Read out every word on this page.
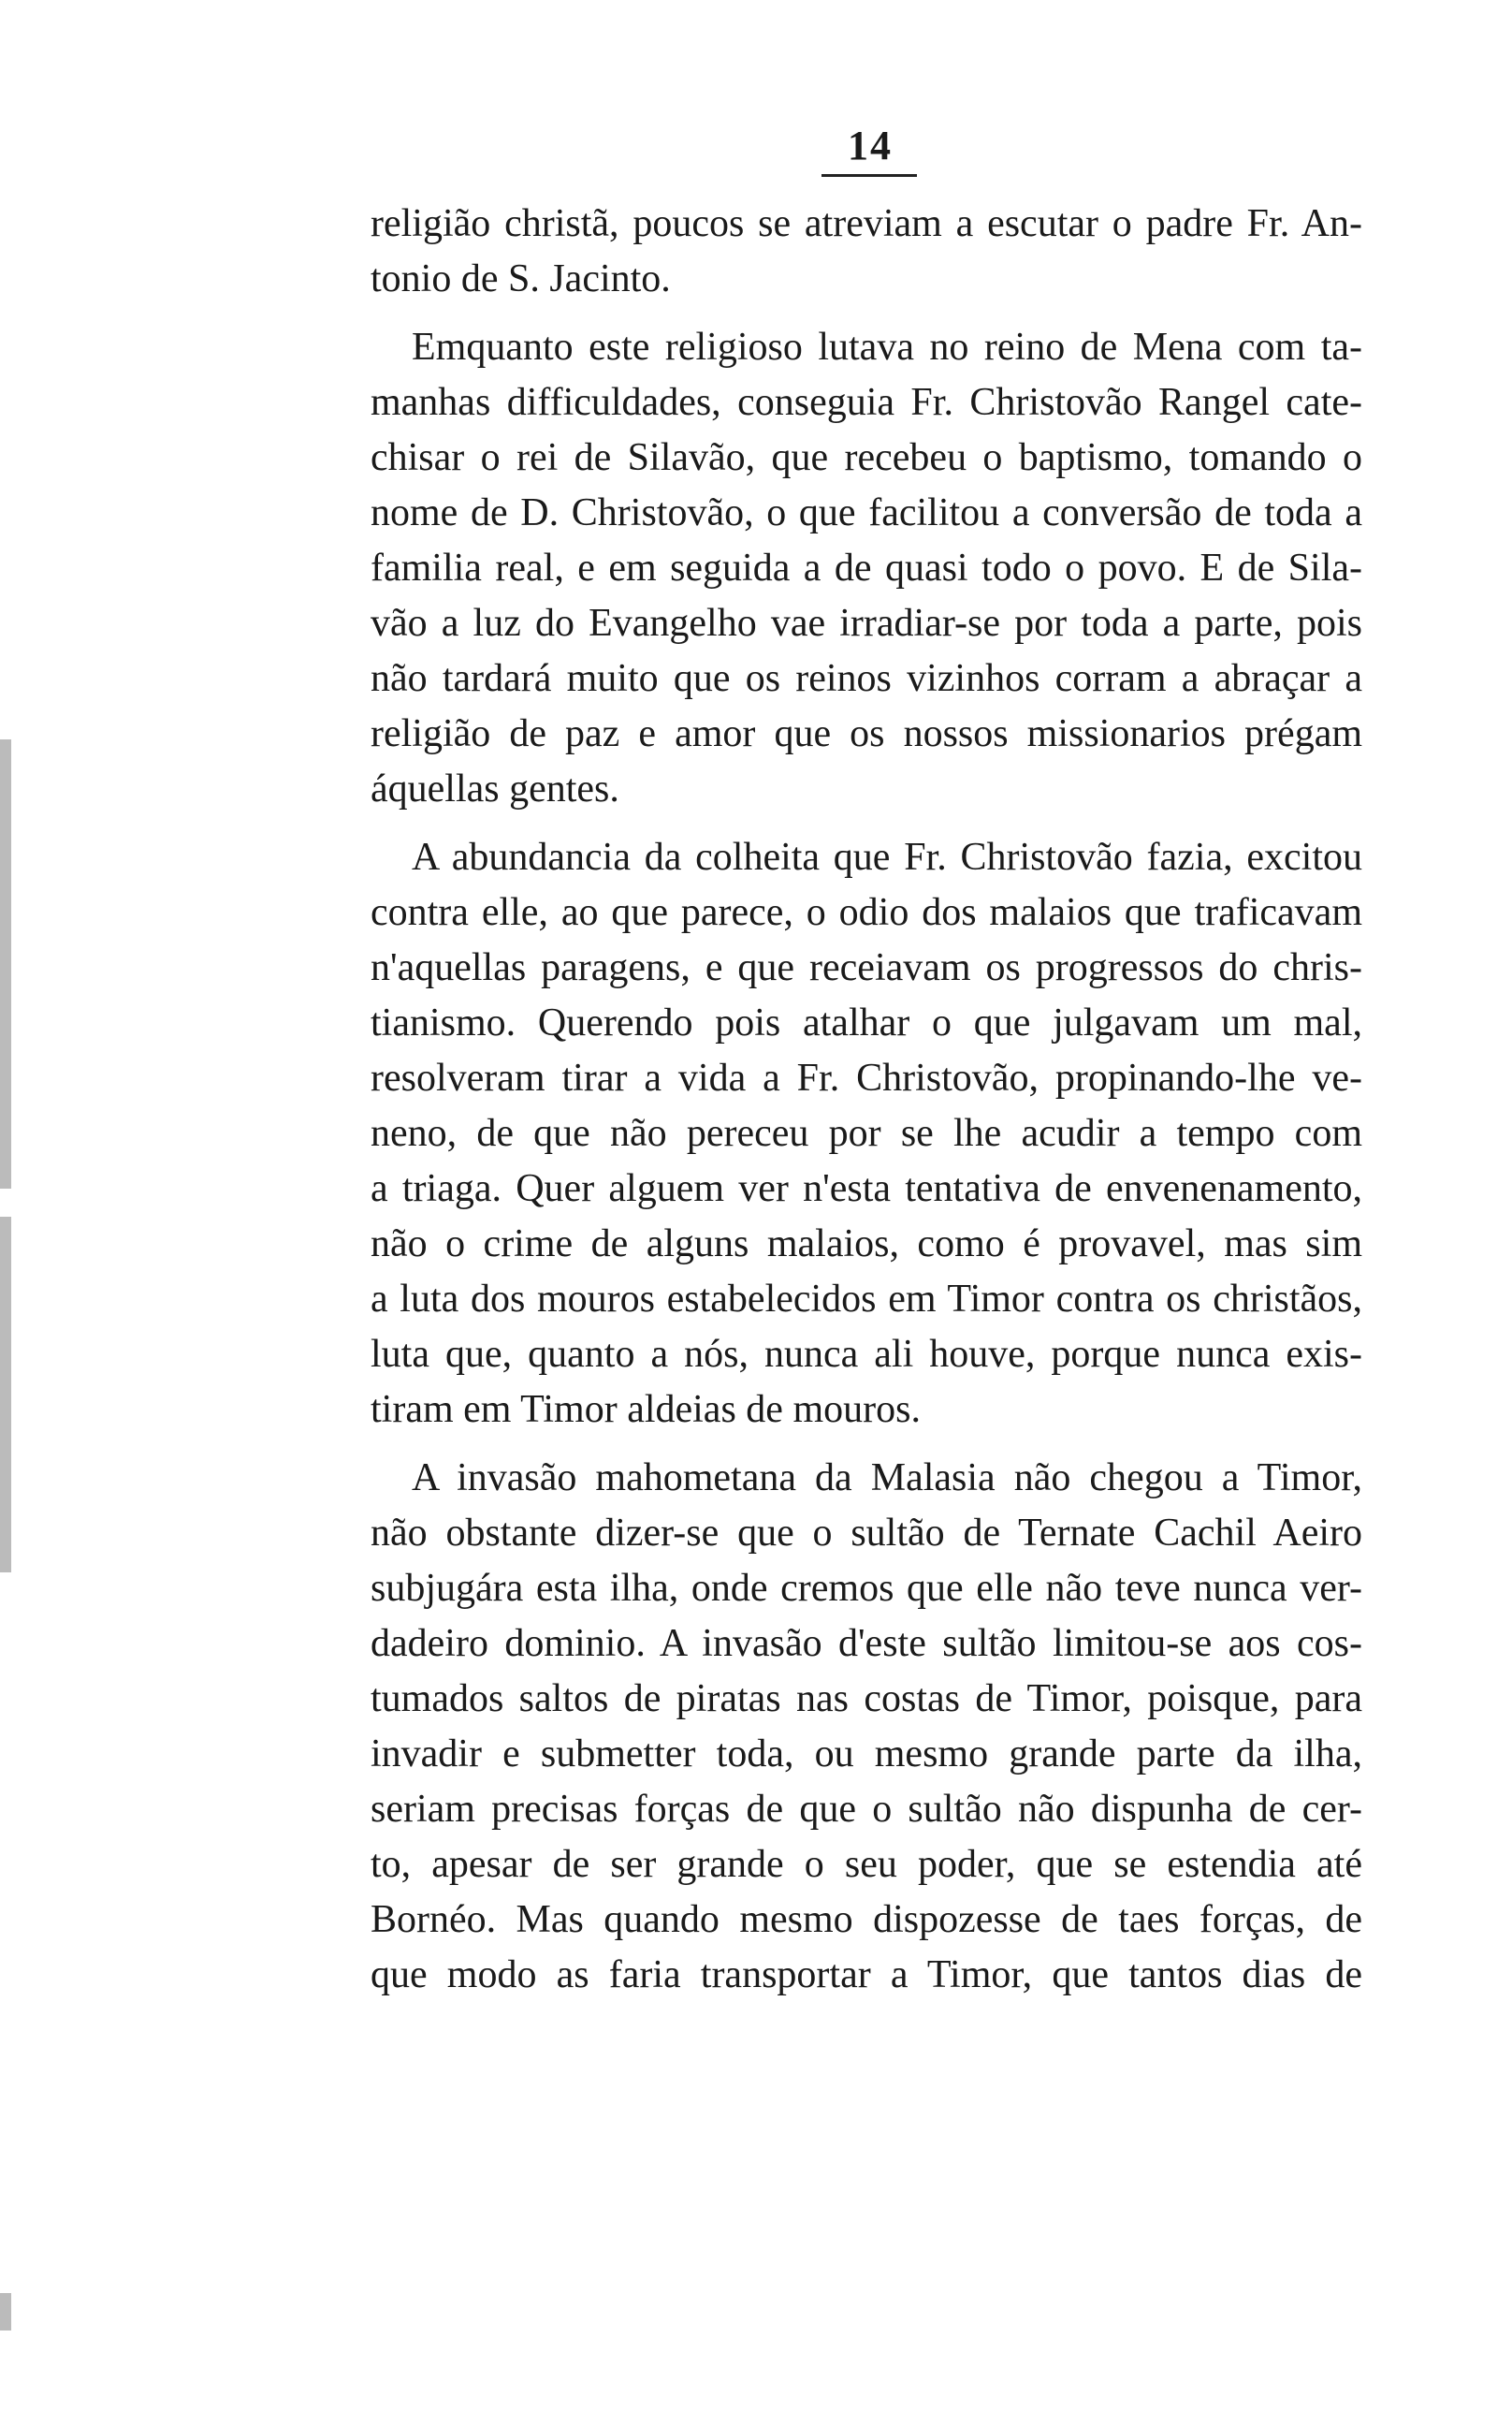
14
religião christã, poucos se atreviam a escutar o padre Fr. An-
tonio de S. Jacinto.
Emquanto este religioso lutava no reino de Mena com ta-
manhas difficuldades, conseguia Fr. Christovão Rangel cate-
chisar o rei de Silavão, que recebeu o baptismo, tomando o
nome de D. Christovão, o que facilitou a conversão de toda a
familia real, e em seguida a de quasi todo o povo. E de Sila-
vão a luz do Evangelho vae irradiar-se por toda a parte, pois
não tardará muito que os reinos vizinhos corram a abraçar a
religião de paz e amor que os nossos missionarios prégam
áquellas gentes.
A abundancia da colheita que Fr. Christovão fazia, excitou
contra elle, ao que parece, o odio dos malaios que traficavam
n'aquellas paragens, e que receiavam os progressos do chris-
tianismo. Querendo pois atalhar o que julgavam um mal,
resolveram tirar a vida a Fr. Christovão, propinando-lhe ve-
neno, de que não pereceu por se lhe acudir a tempo com
a triaga. Quer alguem ver n'esta tentativa de envenenamento,
não o crime de alguns malaios, como é provavel, mas sim
a luta dos mouros estabelecidos em Timor contra os christãos,
luta que, quanto a nós, nunca ali houve, porque nunca exis-
tiram em Timor aldeias de mouros.
A invasão mahometana da Malasia não chegou a Timor,
não obstante dizer-se que o sultão de Ternate Cachil Aeiro
subjugára esta ilha, onde cremos que elle não teve nunca ver-
dadeiro dominio. A invasão d'este sultão limitou-se aos cos-
tumados saltos de piratas nas costas de Timor, poisque, para
invadir e submetter toda, ou mesmo grande parte da ilha,
seriam precisas forças de que o sultão não dispunha de cer-
to, apesar de ser grande o seu poder, que se estendia até
Bornéo. Mas quando mesmo dispozesse de taes forças, de
que modo as faria transportar a Timor, que tantos dias de
